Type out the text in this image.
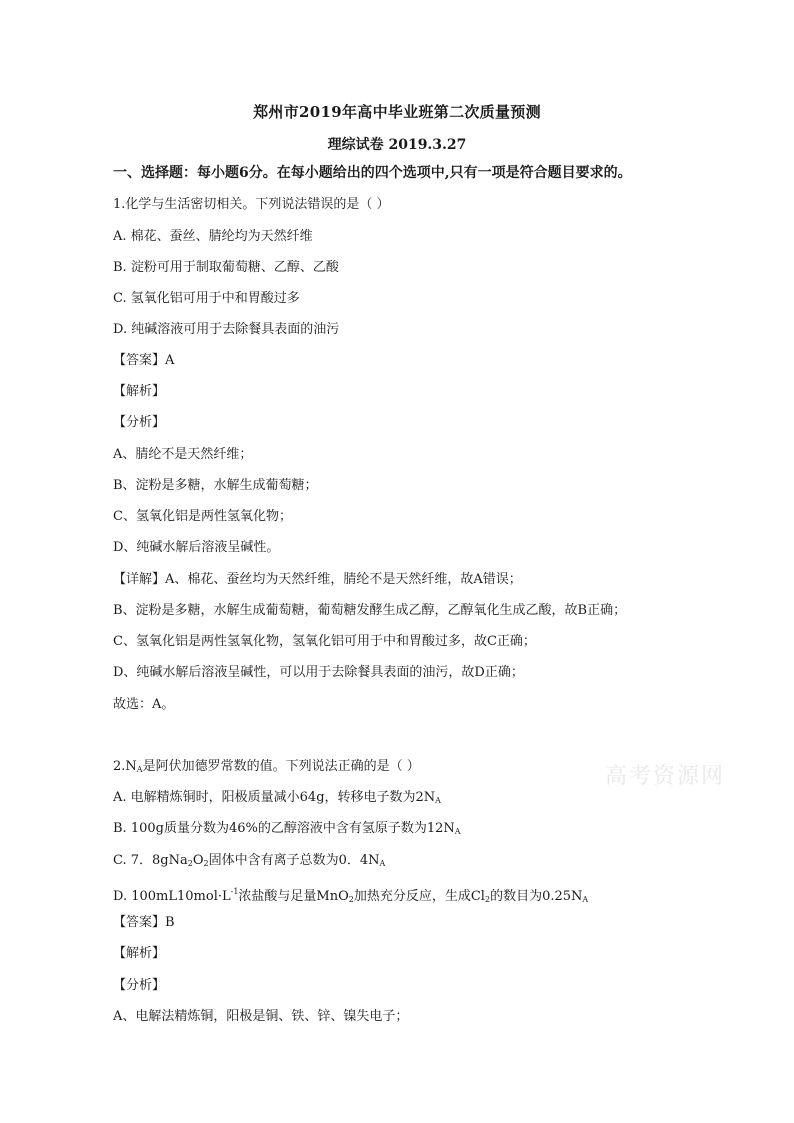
郑州市2019年高中毕业班第二次质量预测
理综试卷 2019.3.27
一、选择题：每小题6分。在每小题给出的四个选项中,只有一项是符合题目要求的。
1.化学与生活密切相关。下列说法错误的是（ ）
A. 棉花、蚕丝、腈纶均为天然纤维
B. 淀粉可用于制取葡萄糖、乙醇、乙酸
C. 氢氧化铝可用于中和胃酸过多
D. 纯碱溶液可用于去除餐具表面的油污
【答案】A
【解析】
【分析】
A、腈纶不是天然纤维；
B、淀粉是多糖，水解生成葡萄糖；
C、氢氧化铝是两性氢氧化物；
D、纯碱水解后溶液呈碱性。
【详解】A、棉花、蚕丝均为天然纤维，腈纶不是天然纤维，故A错误；
B、淀粉是多糖，水解生成葡萄糖，葡萄糖发酵生成乙醇，乙醇氧化生成乙酸，故B正确；
C、氢氧化铝是两性氢氧化物，氢氧化铝可用于中和胃酸过多，故C正确；
D、纯碱水解后溶液呈碱性，可以用于去除餐具表面的油污，故D正确；
故选：A。
$2.N_A$是阿伏加德罗常数的值。下列说法正确的是（ ）	高考资源网
A. 电解精炼铜时，阳极质量减小64g，转移电子数为$2N_A$
B. 100g质量分数为46%的乙醇溶液中含有氢原子数为$12N_A$
C. 7．$8gNa_2O_2$固体中含有离子总数为0．$4N_A$
D. $100mL10mol\cdot L^{-1}$浓盐酸与足量MnO$_2$加热充分反应，生成$Cl_2$的数目为$0.25N_A$
【答案】B
【解析】
【分析】
A、电解法精炼铜，阳极是铜、铁、锌、镍失电子；
